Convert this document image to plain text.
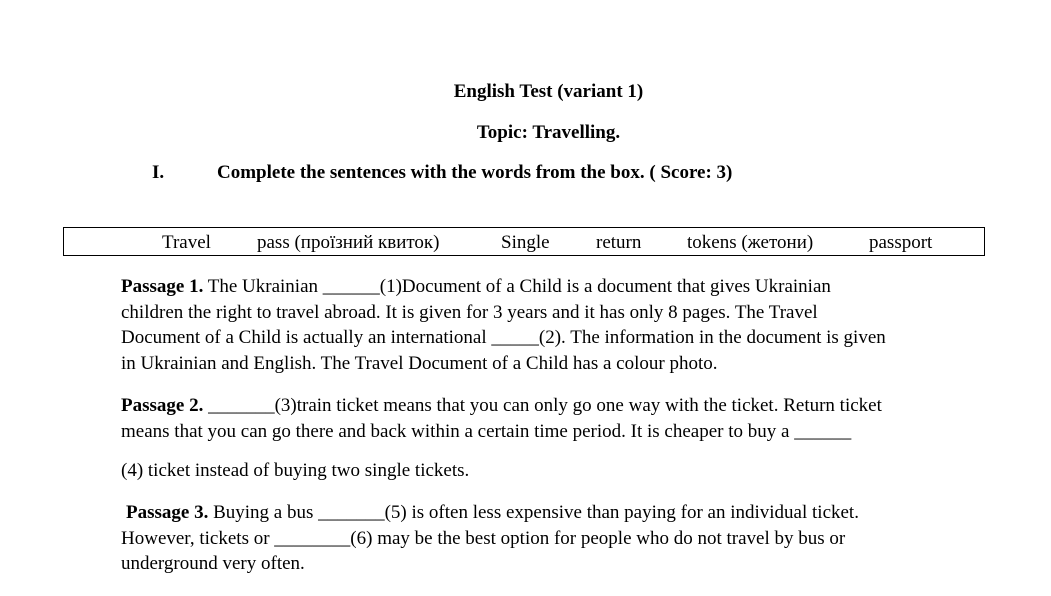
English Test (variant 1)
Topic: Travelling.
I.	Complete the sentences with the words from the box. ( Score: 3)
Travel pass (проїзний квиток)	Single return tokens (жетони)	passport
Passage 1. The Ukrainian ______(1)Document of a Child is a document that gives Ukrainian
children the right to travel abroad. It is given for 3 years and it has only 8 pages. The Travel
Document of a Child is actually an international _____(2). The information in the document is given
in Ukrainian and English. The Travel Document of a Child has a colour photo.
Passage 2. _______(3)train ticket means that you can only go one way with the ticket. Return ticket
means that you can go there and back within a certain time period. It is cheaper to buy a ______
(4) ticket instead of buying two single tickets.
Passage 3. Buying a bus _______(5) is often less expensive than paying for an individual ticket.
However, tickets or ________(6) may be the best option for people who do not travel by bus or
underground very often.
